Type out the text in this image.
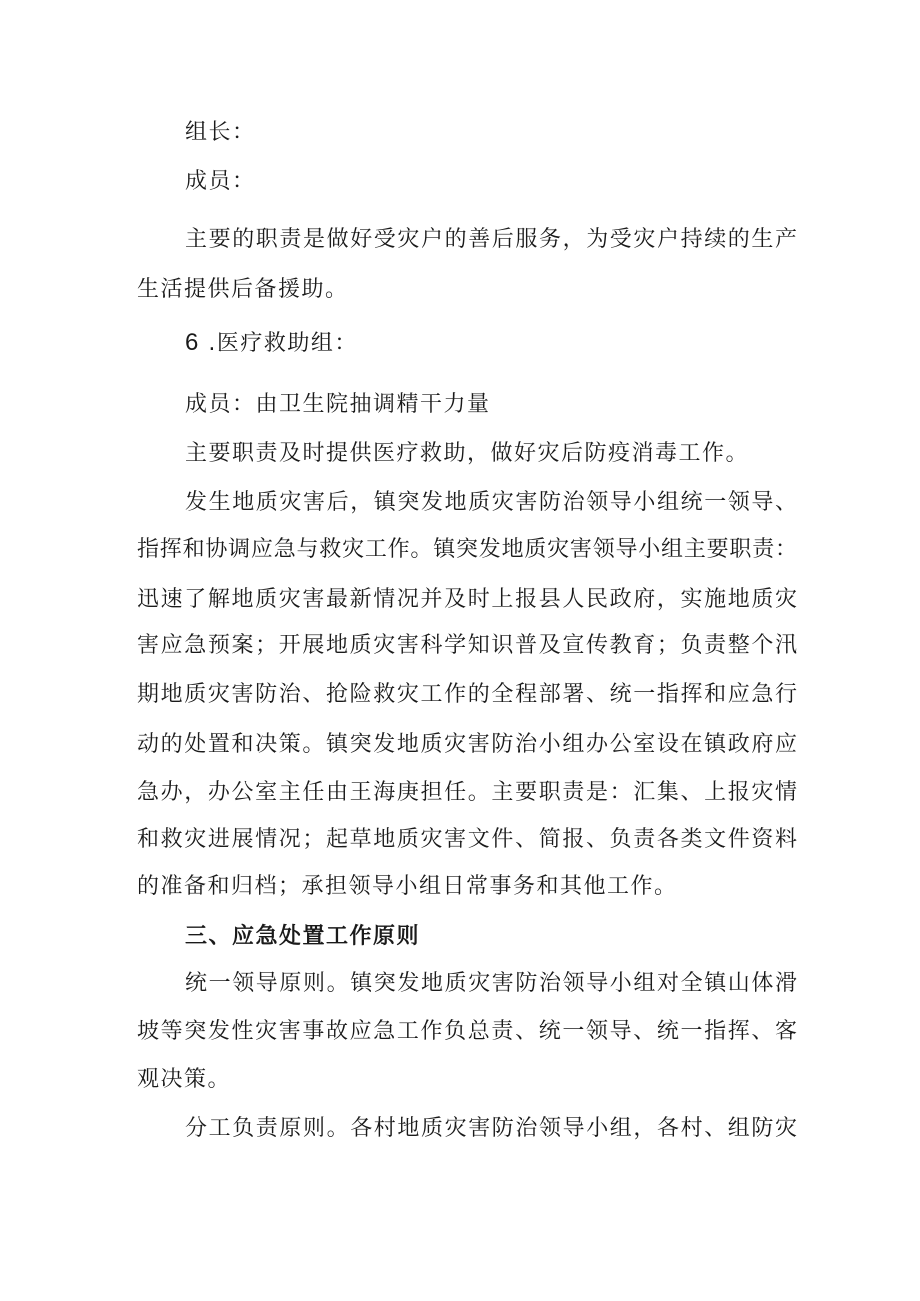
组长：
成员：
主要的职责是做好受灾户的善后服务，为受灾户持续的生产
生活提供后备援助。
6 .医疗救助组：
成员：由卫生院抽调精干力量
主要职责及时提供医疗救助，做好灾后防疫消毒工作。
发生地质灾害后，镇突发地质灾害防治领导小组统一领导、
指挥和协调应急与救灾工作。镇突发地质灾害领导小组主要职责：
迅速了解地质灾害最新情况并及时上报县人民政府，实施地质灾
害应急预案；开展地质灾害科学知识普及宣传教育；负责整个汛
期地质灾害防治、抢险救灾工作的全程部署、统一指挥和应急行
动的处置和决策。镇突发地质灾害防治小组办公室设在镇政府应
急办，办公室主任由王海庚担任。主要职责是：汇集、上报灾情
和救灾进展情况；起草地质灾害文件、简报、负责各类文件资料
的准备和归档；承担领导小组日常事务和其他工作。
三、应急处置工作原则
统一领导原则。镇突发地质灾害防治领导小组对全镇山体滑
坡等突发性灾害事故应急工作负总责、统一领导、统一指挥、客
观决策。
分工负责原则。各村地质灾害防治领导小组，各村、组防灾
